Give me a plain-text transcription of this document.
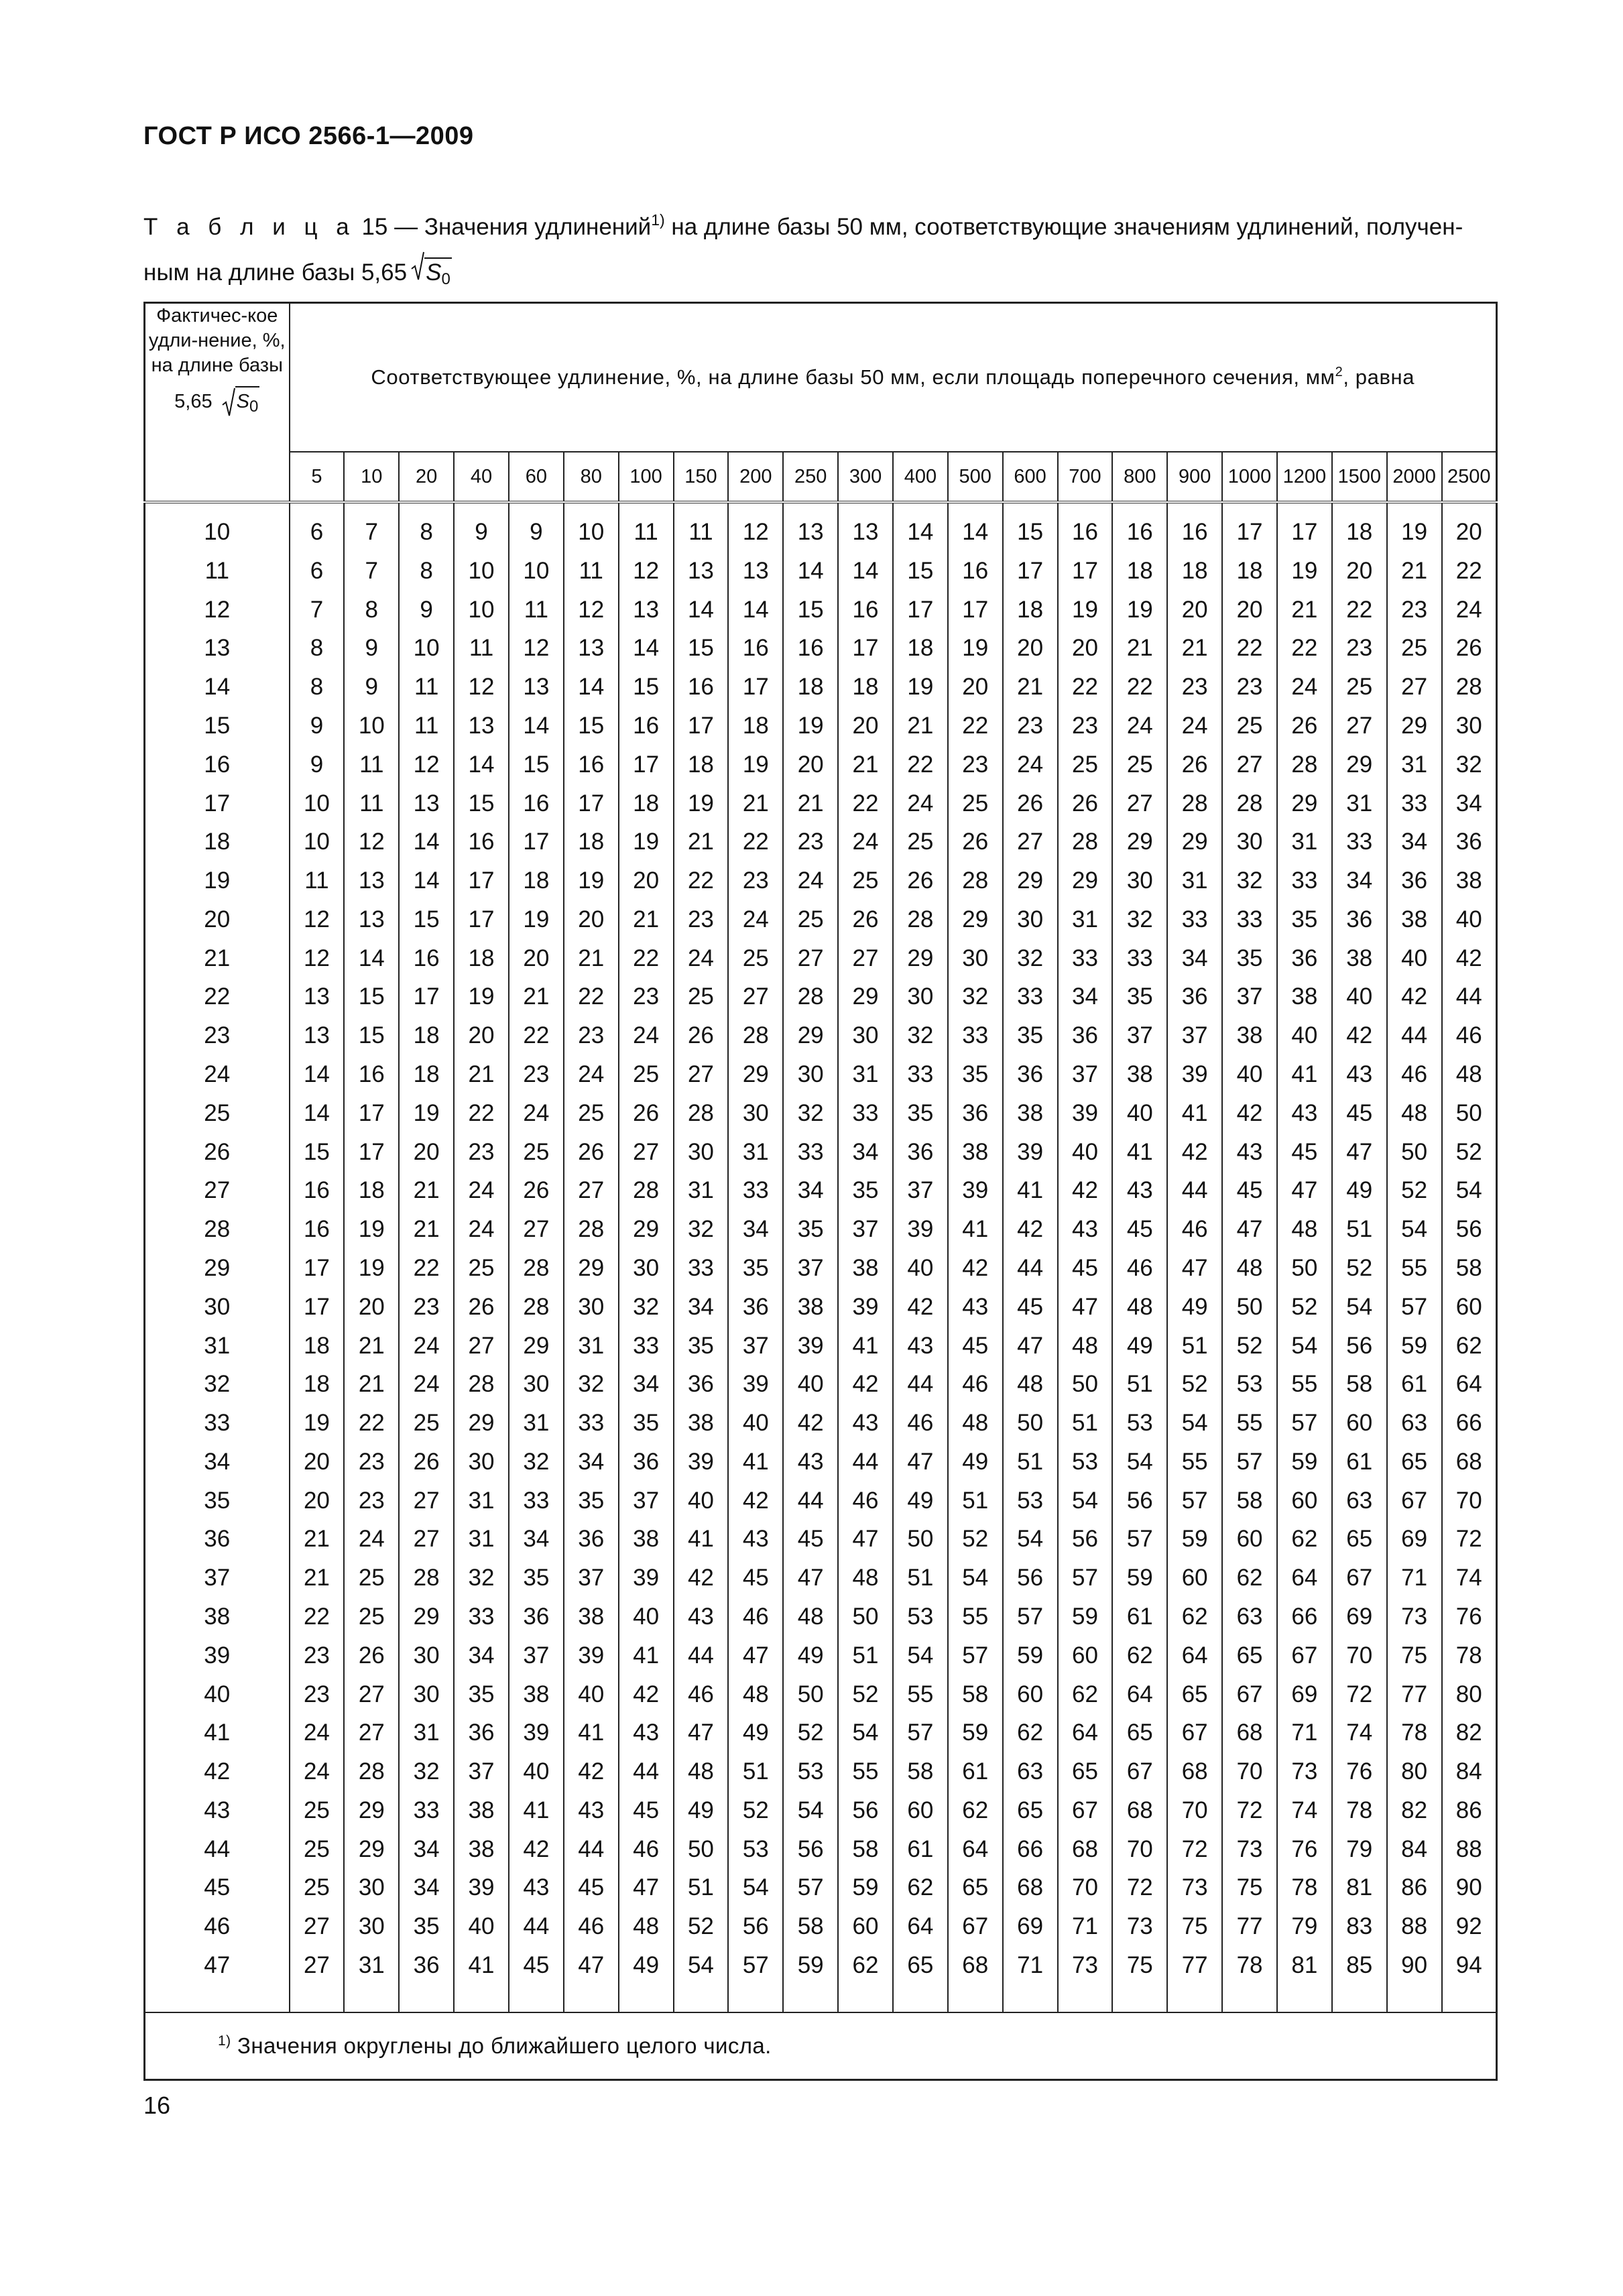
ГОСТ Р ИСО 2566-1—2009
Т а б л и ц а 15 — Значения удлинений$^{1)}$ на длине базы 50 мм, соответствующие значениям удлинений, получен-
ным на длине базы 5,65 $S_0$
Фактичес-кое удли-нение, %, на длине базы
5,65 $S_0$	Соответствующее удлинение, %, на длине базы 50 мм, если площадь поперечного сечения, $мм^2$, равна																					
	5	10	20	40	60	80	100	150	200	250	300	400	500	600	700	800	900	1000	1200	1500	2000	2500

10	6	7	8	9	9	10	11	11	12	13	13	14	14	15	16	16	16	17	17	18	19	20
11	6	7	8	10	10	11	12	13	13	14	14	15	16	17	17	18	18	18	19	20	21	22
12	7	8	9	10	11	12	13	14	14	15	16	17	17	18	19	19	20	20	21	22	23	24
13	8	9	10	11	12	13	14	15	16	16	17	18	19	20	20	21	21	22	22	23	25	26
14	8	9	11	12	13	14	15	16	17	18	18	19	20	21	22	22	23	23	24	25	27	28
15	9	10	11	13	14	15	16	17	18	19	20	21	22	23	23	24	24	25	26	27	29	30
16	9	11	12	14	15	16	17	18	19	20	21	22	23	24	25	25	26	27	28	29	31	32
17	10	11	13	15	16	17	18	19	21	21	22	24	25	26	26	27	28	28	29	31	33	34
18	10	12	14	16	17	18	19	21	22	23	24	25	26	27	28	29	29	30	31	33	34	36
19	11	13	14	17	18	19	20	22	23	24	25	26	28	29	29	30	31	32	33	34	36	38
20	12	13	15	17	19	20	21	23	24	25	26	28	29	30	31	32	33	33	35	36	38	40
21	12	14	16	18	20	21	22	24	25	27	27	29	30	32	33	33	34	35	36	38	40	42
22	13	15	17	19	21	22	23	25	27	28	29	30	32	33	34	35	36	37	38	40	42	44
23	13	15	18	20	22	23	24	26	28	29	30	32	33	35	36	37	37	38	40	42	44	46
24	14	16	18	21	23	24	25	27	29	30	31	33	35	36	37	38	39	40	41	43	46	48
25	14	17	19	22	24	25	26	28	30	32	33	35	36	38	39	40	41	42	43	45	48	50
26	15	17	20	23	25	26	27	30	31	33	34	36	38	39	40	41	42	43	45	47	50	52
27	16	18	21	24	26	27	28	31	33	34	35	37	39	41	42	43	44	45	47	49	52	54
28	16	19	21	24	27	28	29	32	34	35	37	39	41	42	43	45	46	47	48	51	54	56
29	17	19	22	25	28	29	30	33	35	37	38	40	42	44	45	46	47	48	50	52	55	58
30	17	20	23	26	28	30	32	34	36	38	39	42	43	45	47	48	49	50	52	54	57	60
31	18	21	24	27	29	31	33	35	37	39	41	43	45	47	48	49	51	52	54	56	59	62
32	18	21	24	28	30	32	34	36	39	40	42	44	46	48	50	51	52	53	55	58	61	64
33	19	22	25	29	31	33	35	38	40	42	43	46	48	50	51	53	54	55	57	60	63	66
34	20	23	26	30	32	34	36	39	41	43	44	47	49	51	53	54	55	57	59	61	65	68
35	20	23	27	31	33	35	37	40	42	44	46	49	51	53	54	56	57	58	60	63	67	70
36	21	24	27	31	34	36	38	41	43	45	47	50	52	54	56	57	59	60	62	65	69	72
37	21	25	28	32	35	37	39	42	45	47	48	51	54	56	57	59	60	62	64	67	71	74
38	22	25	29	33	36	38	40	43	46	48	50	53	55	57	59	61	62	63	66	69	73	76
39	23	26	30	34	37	39	41	44	47	49	51	54	57	59	60	62	64	65	67	70	75	78
40	23	27	30	35	38	40	42	46	48	50	52	55	58	60	62	64	65	67	69	72	77	80
41	24	27	31	36	39	41	43	47	49	52	54	57	59	62	64	65	67	68	71	74	78	82
42	24	28	32	37	40	42	44	48	51	53	55	58	61	63	65	67	68	70	73	76	80	84
43	25	29	33	38	41	43	45	49	52	54	56	60	62	65	67	68	70	72	74	78	82	86
44	25	29	34	38	42	44	46	50	53	56	58	61	64	66	68	70	72	73	76	79	84	88
45	25	30	34	39	43	45	47	51	54	57	59	62	65	68	70	72	73	75	78	81	86	90
46	27	30	35	40	44	46	48	52	56	58	60	64	67	69	71	73	75	77	79	83	88	92
47	27	31	36	41	45	47	49	54	57	59	62	65	68	71	73	75	77	78	81	85	90	94

$^{1)}$ Значения округлены до ближайшего целого числа.																						
16
